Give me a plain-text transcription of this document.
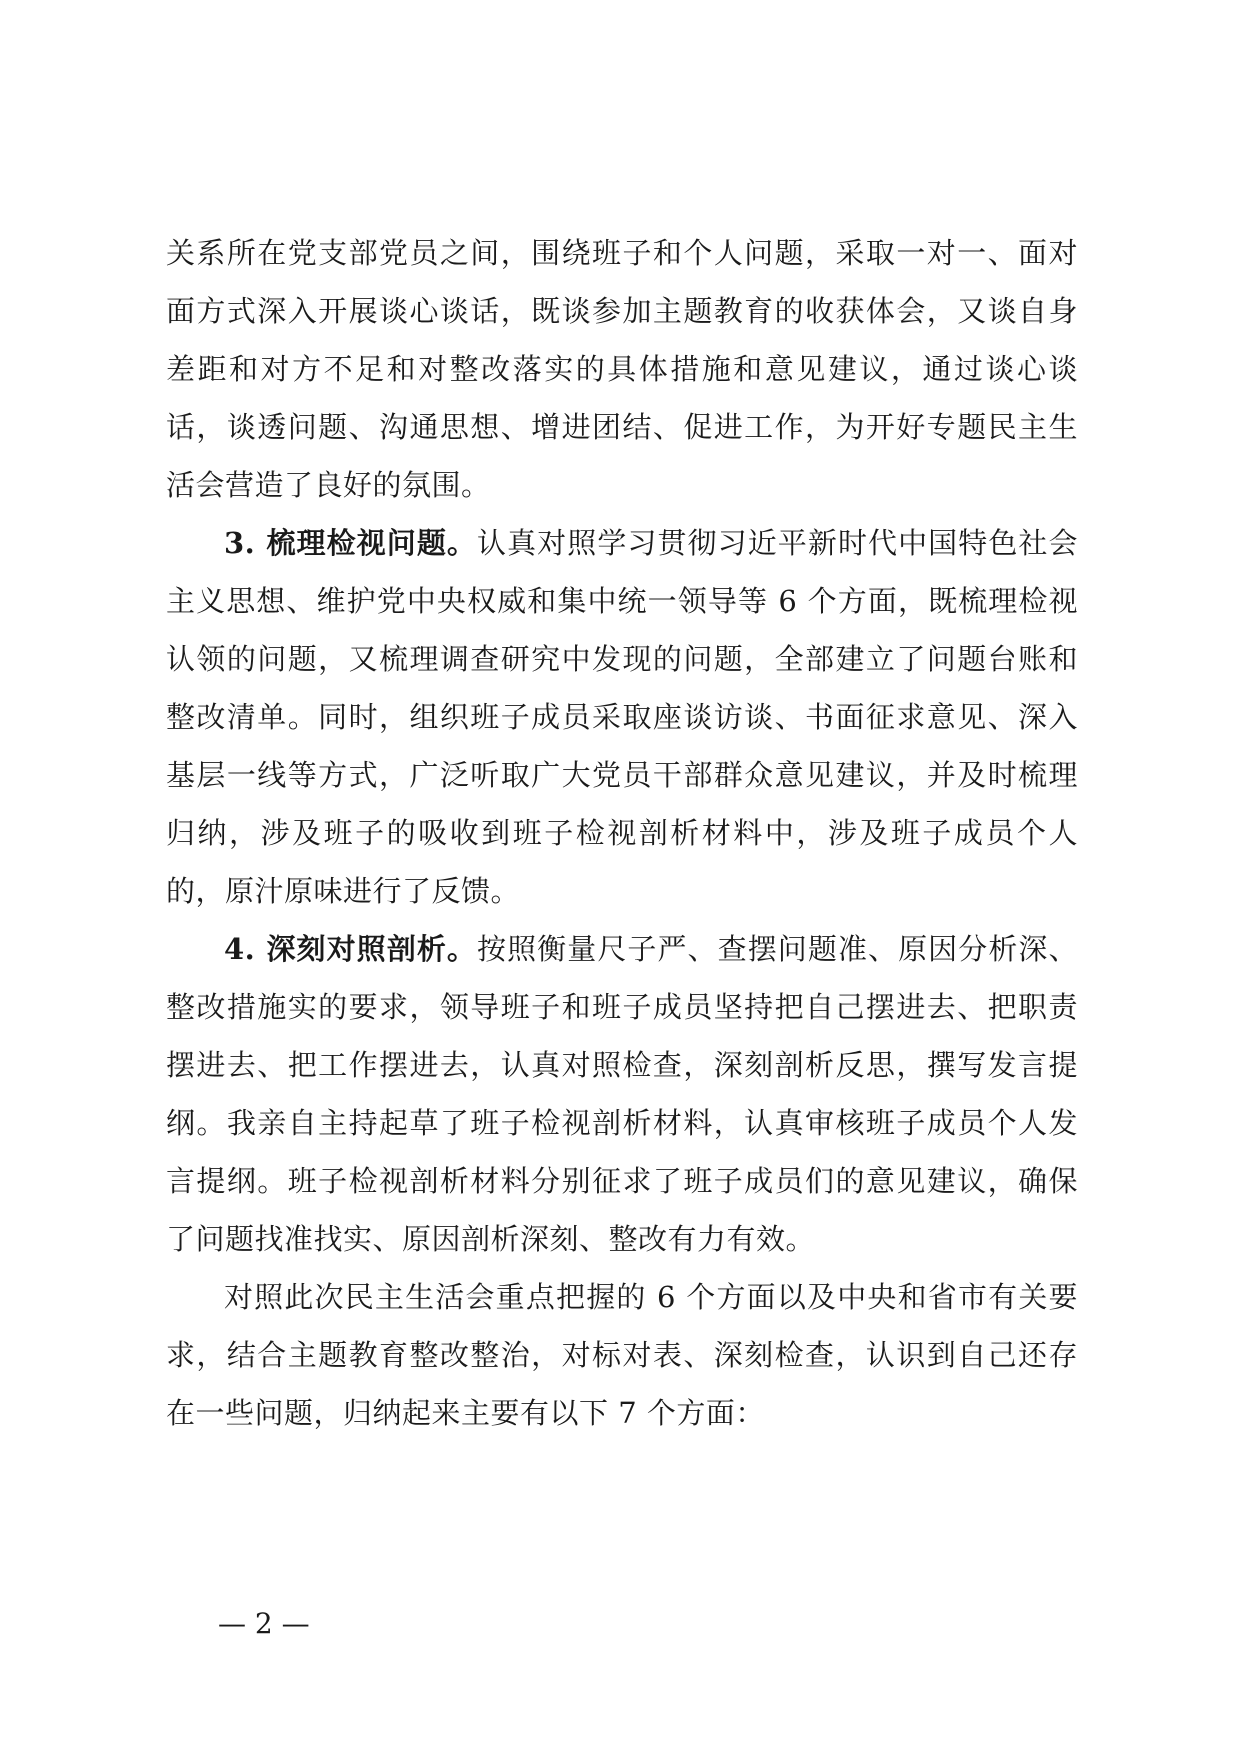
关系所在党支部党员之间，围绕班子和个人问题，采取一对一、面对面方式深入开展谈心谈话，既谈参加主题教育的收获体会，又谈自身差距和对方不足和对整改落实的具体措施和意见建议，通过谈心谈话，谈透问题、沟通思想、增进团结、促进工作，为开好专题民主生活会营造了良好的氛围。

3. 梳理检视问题。认真对照学习贯彻习近平新时代中国特色社会主义思想、维护党中央权威和集中统一领导等 6 个方面，既梳理检视认领的问题，又梳理调查研究中发现的问题，全部建立了问题台账和整改清单。同时，组织班子成员采取座谈访谈、书面征求意见、深入基层一线等方式，广泛听取广大党员干部群众意见建议，并及时梳理归纳，涉及班子的吸收到班子检视剖析材料中，涉及班子成员个人的，原汁原味进行了反馈。

4. 深刻对照剖析。按照衡量尺子严、查摆问题准、原因分析深、整改措施实的要求，领导班子和班子成员坚持把自己摆进去、把职责摆进去、把工作摆进去，认真对照检查，深刻剖析反思，撰写发言提纲。我亲自主持起草了班子检视剖析材料，认真审核班子成员个人发言提纲。班子检视剖析材料分别征求了班子成员们的意见建议，确保了问题找准找实、原因剖析深刻、整改有力有效。

对照此次民主生活会重点把握的 6 个方面以及中央和省市有关要求，结合主题教育整改整治，对标对表、深刻检查，认识到自己还存在一些问题，归纳起来主要有以下 7 个方面：

— 2 —
